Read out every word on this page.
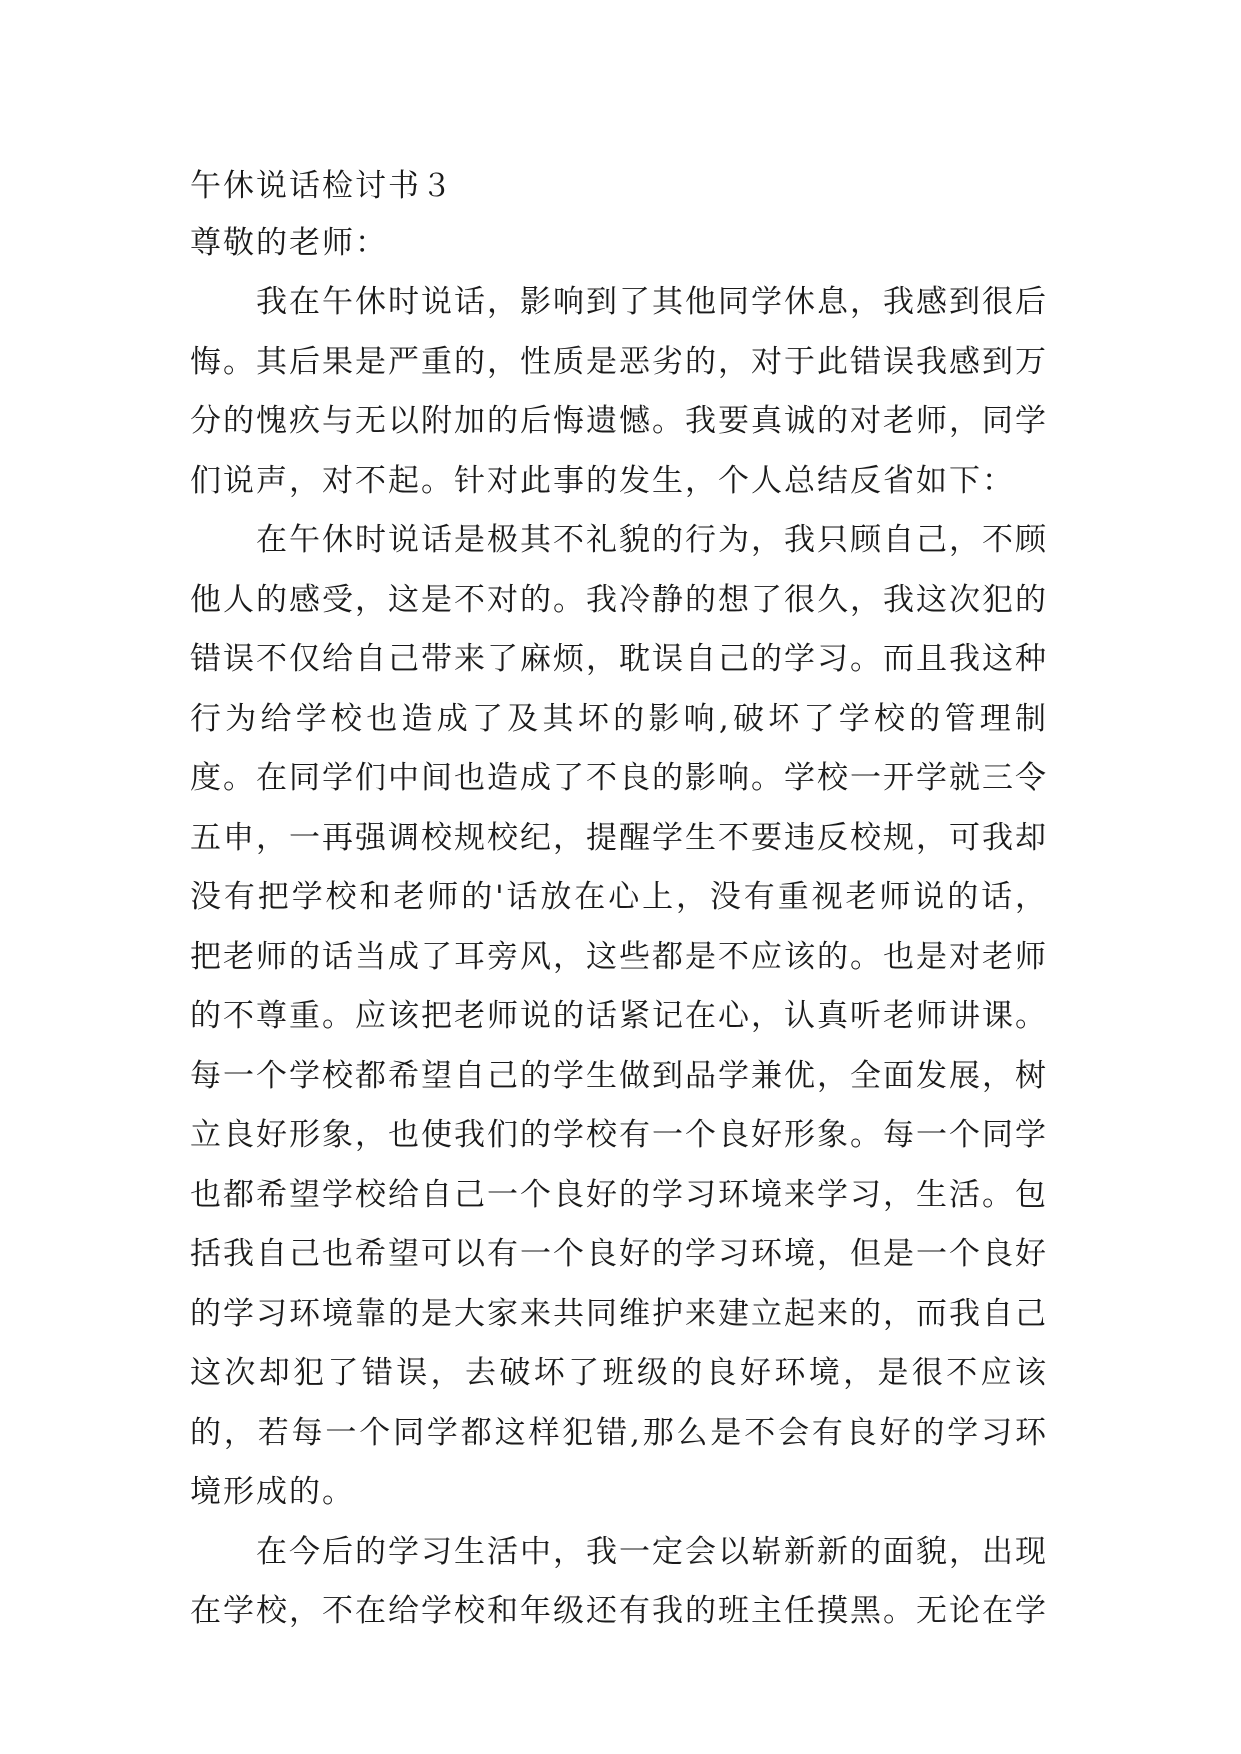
午休说话检讨书３

尊敬的老师：

我在午休时说话，影响到了其他同学休息，我感到很后悔。其后果是严重的，性质是恶劣的，对于此错误我感到万分的愧疚与无以附加的后悔遗憾。我要真诚的对老师，同学们说声，对不起。针对此事的发生，个人总结反省如下：

在午休时说话是极其不礼貌的行为，我只顾自己，不顾他人的感受，这是不对的。我冷静的想了很久，我这次犯的错误不仅给自己带来了麻烦，耽误自己的学习。而且我这种行为给学校也造成了及其坏的影响,破坏了学校的管理制度。在同学们中间也造成了不良的影响。学校一开学就三令五申，一再强调校规校纪，提醒学生不要违反校规，可我却没有把学校和老师的'话放在心上，没有重视老师说的话，把老师的话当成了耳旁风，这些都是不应该的。也是对老师的不尊重。应该把老师说的话紧记在心，认真听老师讲课。每一个学校都希望自己的学生做到品学兼优，全面发展，树立良好形象，也使我们的学校有一个良好形象。每一个同学也都希望学校给自己一个良好的学习环境来学习，生活。包括我自己也希望可以有一个良好的学习环境，但是一个良好的学习环境靠的是大家来共同维护来建立起来的，而我自己这次却犯了错误，去破坏了班级的良好环境，是很不应该的，若每一个同学都这样犯错,那么是不会有良好的学习环境形成的。

在今后的学习生活中，我一定会以崭新新的面貌，出现在学校，不在给学校和年级还有我的班主任摸黑。无论在学
